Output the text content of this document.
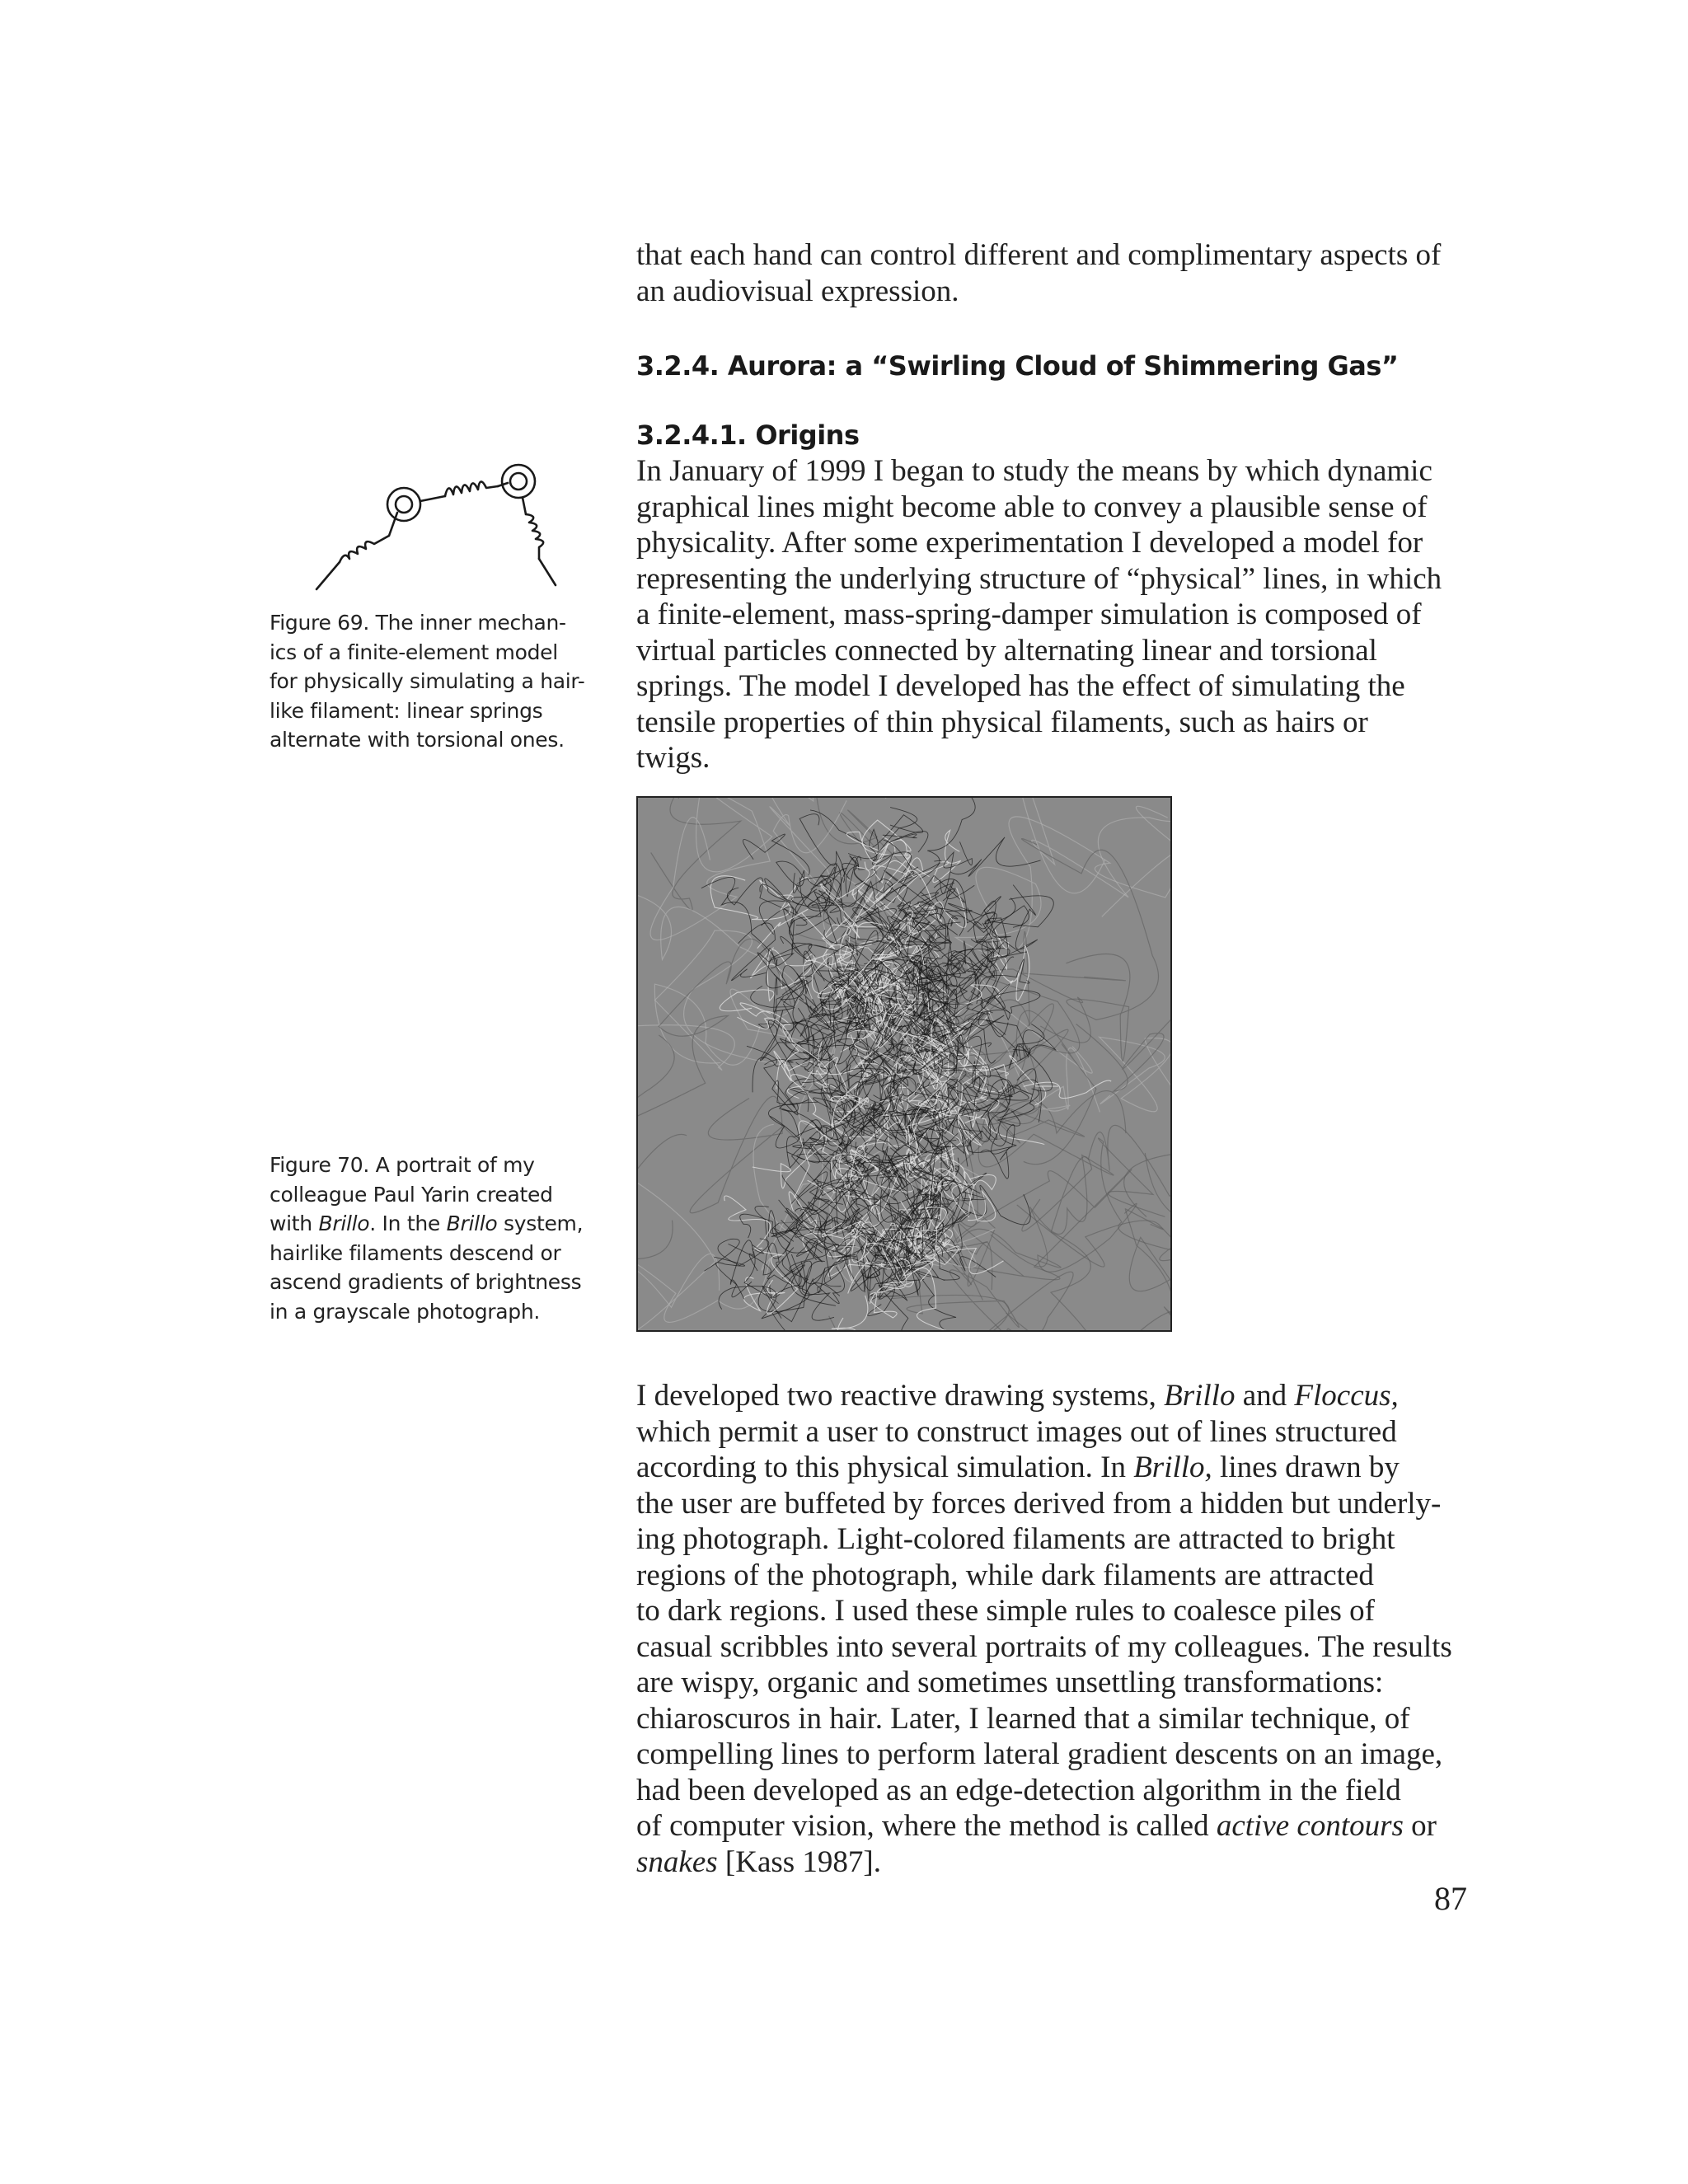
that each hand can control different and complimentary aspects of
an audiovisual expression.
3.2.4. Aurora: a “Swirling Cloud of Shimmering Gas”
3.2.4.1. Origins
In January of 1999 I began to study the means by which dynamic
graphical lines might become able to convey a plausible sense of
physicality. After some experimentation I developed a model for
representing the underlying structure of “physical” lines, in which
a finite-element, mass-spring-damper simulation is composed of
virtual particles connected by alternating linear and torsional
springs. The model I developed has the effect of simulating the
tensile properties of thin physical filaments, such as hairs or
twigs.
Figure 69. The inner mechan-
ics of a finite-element model
for physically simulating a hair-
like filament: linear springs
alternate with torsional ones.
Figure 70. A portrait of my
colleague Paul Yarin created
with Brillo. In the Brillo system,
hairlike filaments descend or
ascend gradients of brightness
in a grayscale photograph.
I developed two reactive drawing systems, Brillo and Floccus,
which permit a user to construct images out of lines structured
according to this physical simulation. In Brillo, lines drawn by
the user are buffeted by forces derived from a hidden but underly-
ing photograph. Light-colored filaments are attracted to bright
regions of the photograph, while dark filaments are attracted
to dark regions. I used these simple rules to coalesce piles of
casual scribbles into several portraits of my colleagues. The results
are wispy, organic and sometimes unsettling transformations:
chiaroscuros in hair. Later, I learned that a similar technique, of
compelling lines to perform lateral gradient descents on an image,
had been developed as an edge-detection algorithm in the field
of computer vision, where the method is called active contours or
snakes [Kass 1987].
87
